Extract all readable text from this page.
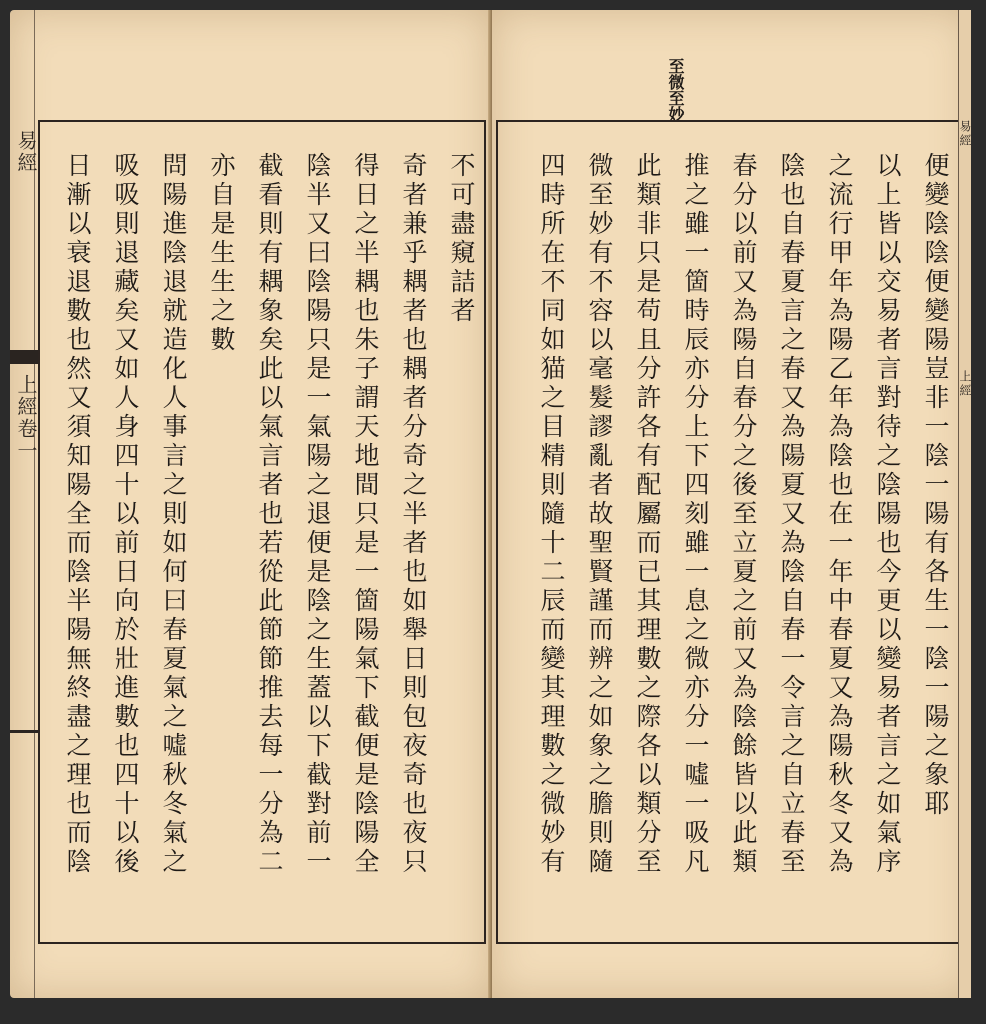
易經
上經卷一
不可盡窺詰者
奇者兼乎耦者也耦者分奇之半者也如舉日則包夜奇也夜只
得日之半耦也朱子謂天地間只是一箇陽氣下截便是陰陽全
陰半又曰陰陽只是一氣陽之退便是陰之生蓋以下截對前一
截看則有耦象矣此以氣言者也若從此節節推去每一分為二
亦自是生生之數
問陽進陰退就造化人事言之則如何曰春夏氣之噓秋冬氣之
吸吸則退藏矣又如人身四十以前日向於壯進數也四十以後
日漸以衰退數也然又須知陽全而陰半陽無終盡之理也而陰
至微至妙
便變陰陰便變陽豈非一陰一陽有各生一陰一陽之象耶
以上皆以交易者言對待之陰陽也今更以變易者言之如氣序
之流行甲年為陽乙年為陰也在一年中春夏又為陽秋冬又為
陰也自春夏言之春又為陽夏又為陰自春一令言之自立春至
春分以前又為陽自春分之後至立夏之前又為陰餘皆以此類
推之雖一箇時辰亦分上下四刻雖一息之微亦分一噓一吸凡
此類非只是苟且分許各有配屬而已其理數之際各以類分至
微至妙有不容以毫髮謬亂者故聖賢謹而辨之如象之膽則隨
四時所在不同如猫之目精則隨十二辰而變其理數之微妙有
易經
上經
